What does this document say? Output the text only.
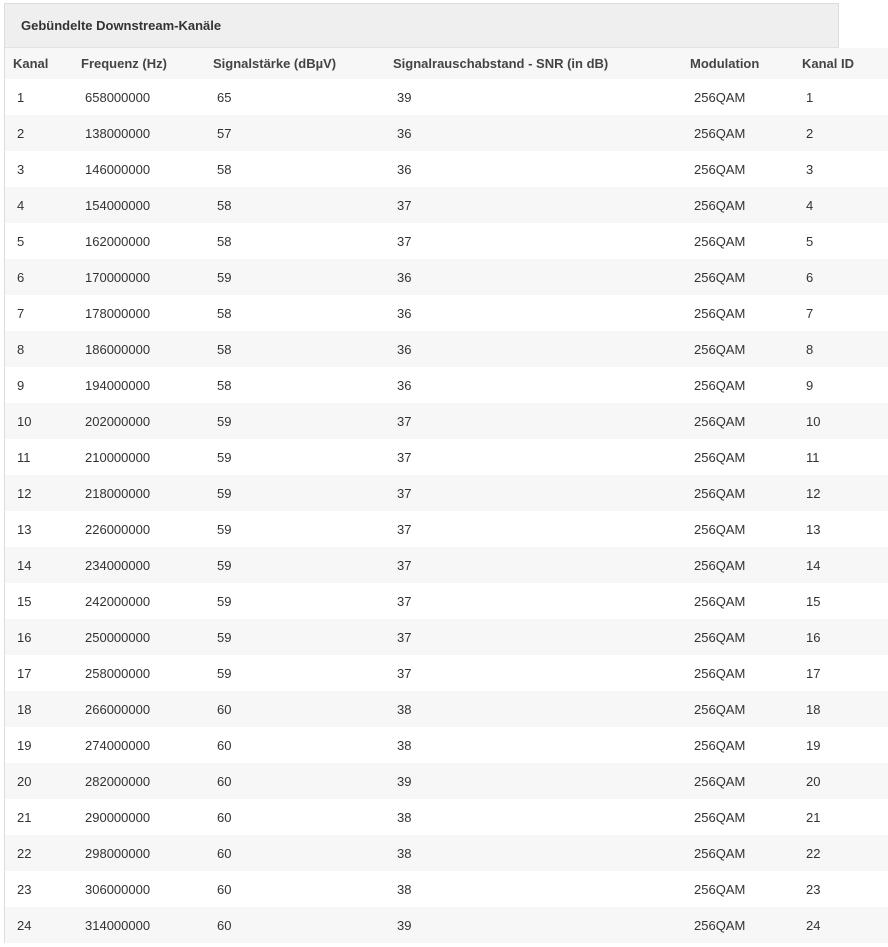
Gebündelte Downstream-Kanäle
Kanal	Frequenz (Hz)	Signalstärke (dBµV)	Signalrauschabstand - SNR (in dB)	Modulation	Kanal ID
1	658000000	65	39	256QAM	1
2	138000000	57	36	256QAM	2
3	146000000	58	36	256QAM	3
4	154000000	58	37	256QAM	4
5	162000000	58	37	256QAM	5
6	170000000	59	36	256QAM	6
7	178000000	58	36	256QAM	7
8	186000000	58	36	256QAM	8
9	194000000	58	36	256QAM	9
10	202000000	59	37	256QAM	10
11	210000000	59	37	256QAM	11
12	218000000	59	37	256QAM	12
13	226000000	59	37	256QAM	13
14	234000000	59	37	256QAM	14
15	242000000	59	37	256QAM	15
16	250000000	59	37	256QAM	16
17	258000000	59	37	256QAM	17
18	266000000	60	38	256QAM	18
19	274000000	60	38	256QAM	19
20	282000000	60	39	256QAM	20
21	290000000	60	38	256QAM	21
22	298000000	60	38	256QAM	22
23	306000000	60	38	256QAM	23
24	314000000	60	39	256QAM	24
